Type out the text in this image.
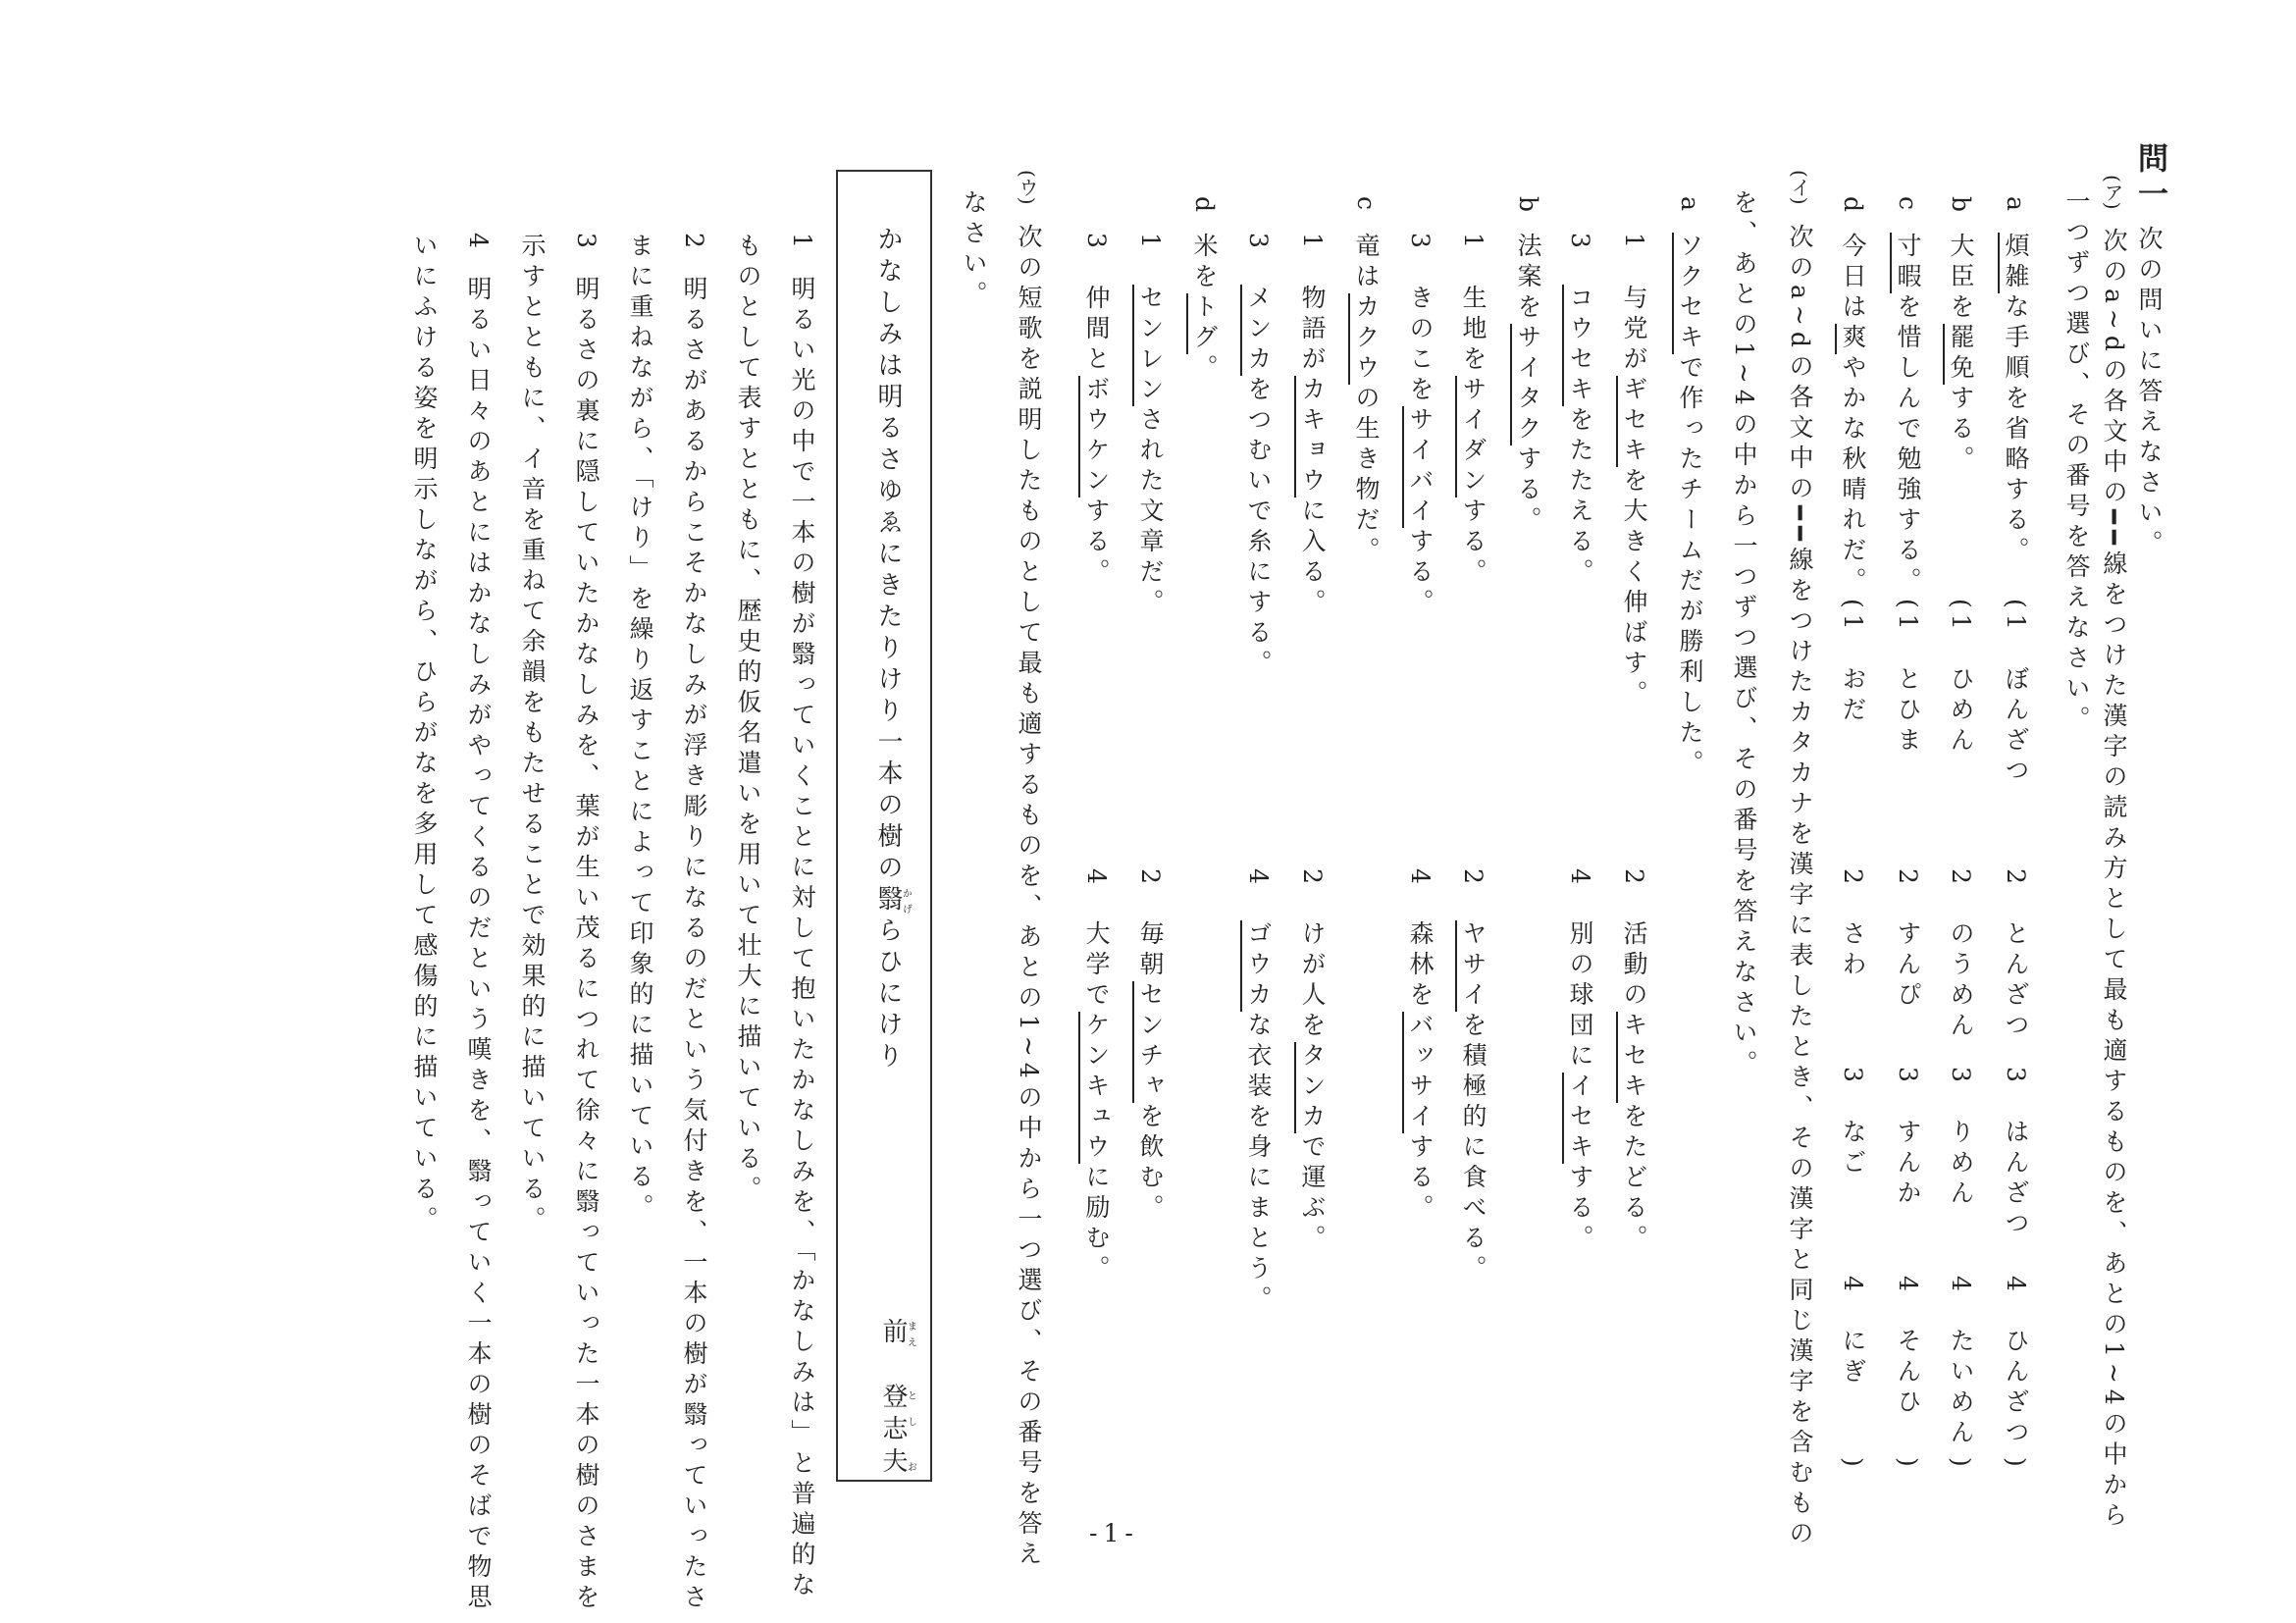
問一
次の問いに答えなさい。
(ア)
次のa~dの各文中の━━線をつけた漢字の読み方として最も適するものを、あとの1~4の中から
一つずつ選び、その番号を答えなさい。
a
煩雑な手順を省略する。
(1　ぼんざつ
2　とんざつ
3　はんざつ
4　ひんざつ
)
b
大臣を罷免する。
(1　ひめん
2　のうめん
3　りめん
4　たいめん
)
c
寸暇を惜しんで勉強する。
(1　とひま
2　すんぴ
3　すんか
4　そんひ
)
d
今日は爽やかな秋晴れだ。
(1　おだ
2　さわ
3　なご
4　にぎ
)
(イ)
次のa~dの各文中の━━線をつけたカタカナを漢字に表したとき、その漢字と同じ漢字を含むもの
を、あとの1~4の中から一つずつ選び、その番号を答えなさい。
a
ソクセキで作ったチームだが勝利した。
1　与党がギセキを大きく伸ばす。
2　活動のキセキをたどる。
3　コウセキをたたえる。
4　別の球団にイセキする。
b
法案をサイタクする。
1　生地をサイダンする。
2　ヤサイを積極的に食べる。
3　きのこをサイバイする。
4　森林をバッサイする。
c
竜はカクウの生き物だ。
1　物語がカキョウに入る。
2　けが人をタンカで運ぶ。
3　メンカをつむいで糸にする。
4　ゴウカな衣装を身にまとう。
d
米をトグ。
1　センレンされた文章だ。
2　毎朝センチャを飲む。
3　仲間とボウケンする。
4　大学でケンキュウに励む。
(ウ)
次の短歌を説明したものとして最も適するものを、あとの1~4の中から一つ選び、その番号を答え
なさい。
かなしみは明るさゆゑにきたりけり一本の樹の翳かげらひにけり
前まえ　登志夫とし お
1
明るい光の中で一本の樹が翳っていくことに対して抱いたかなしみを、「かなしみは」と普遍的な
ものとして表すとともに、歴史的仮名遣いを用いて壮大に描いている。
2
明るさがあるからこそかなしみが浮き彫りになるのだという気付きを、一本の樹が翳っていったさ
まに重ねながら、「けり」を繰り返すことによって印象的に描いている。
3
明るさの裏に隠していたかなしみを、葉が生い茂るにつれて徐々に翳っていった一本の樹のさまを
示すとともに、イ音を重ねて余韻をもたせることで効果的に描いている。
4
明るい日々のあとにはかなしみがやってくるのだという嘆きを、翳っていく一本の樹のそばで物思
いにふける姿を明示しながら、ひらがなを多用して感傷的に描いている。
-1-
